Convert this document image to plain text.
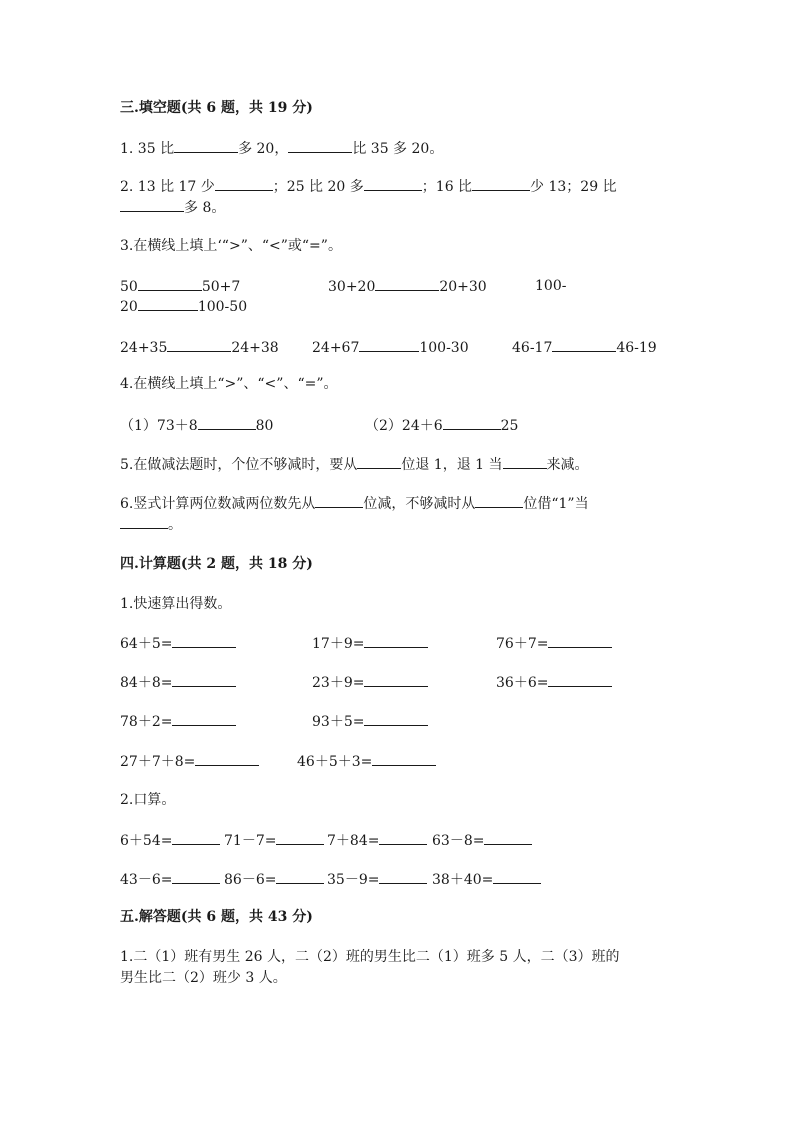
三.填空题(共 6 题，共 19 分)
1. 35 比	多 20，	比 35 多 20。
2. 13 比 17 少	；25 比 20 多	；16 比	少 13；29 比
多 8。
3.在横线上填上‘“>”、“<”或“=”。
50	50+7	30+20	20+30	100-
20	100-50
24+35	24+38 24+67	100-30	46-17	46-19
4.在横线上填上“>”、“<”、“=”。
（1）73＋8	80	（2）24＋6	25
5.在做减法题时，个位不够减时，要从	位退 1，退 1 当	来减。
6.竖式计算两位数减两位数先从	位减，不够减时从	位借“1”当
。
四.计算题(共 2 题，共 18 分)
1.快速算出得数。
64＋5=	17＋9=	76＋7=
84＋8=	23＋9=	36＋6=
78＋2=	93＋5=
27＋7＋8=	46＋5＋3=
2.口算。
6＋54=	71－7=	7＋84=	63－8=
43－6=	86－6=	35－9=	38＋40=
五.解答题(共 6 题，共 43 分)
1.二（1）班有男生 26 人，二（2）班的男生比二（1）班多 5 人，二（3）班的
男生比二（2）班少 3 人。
